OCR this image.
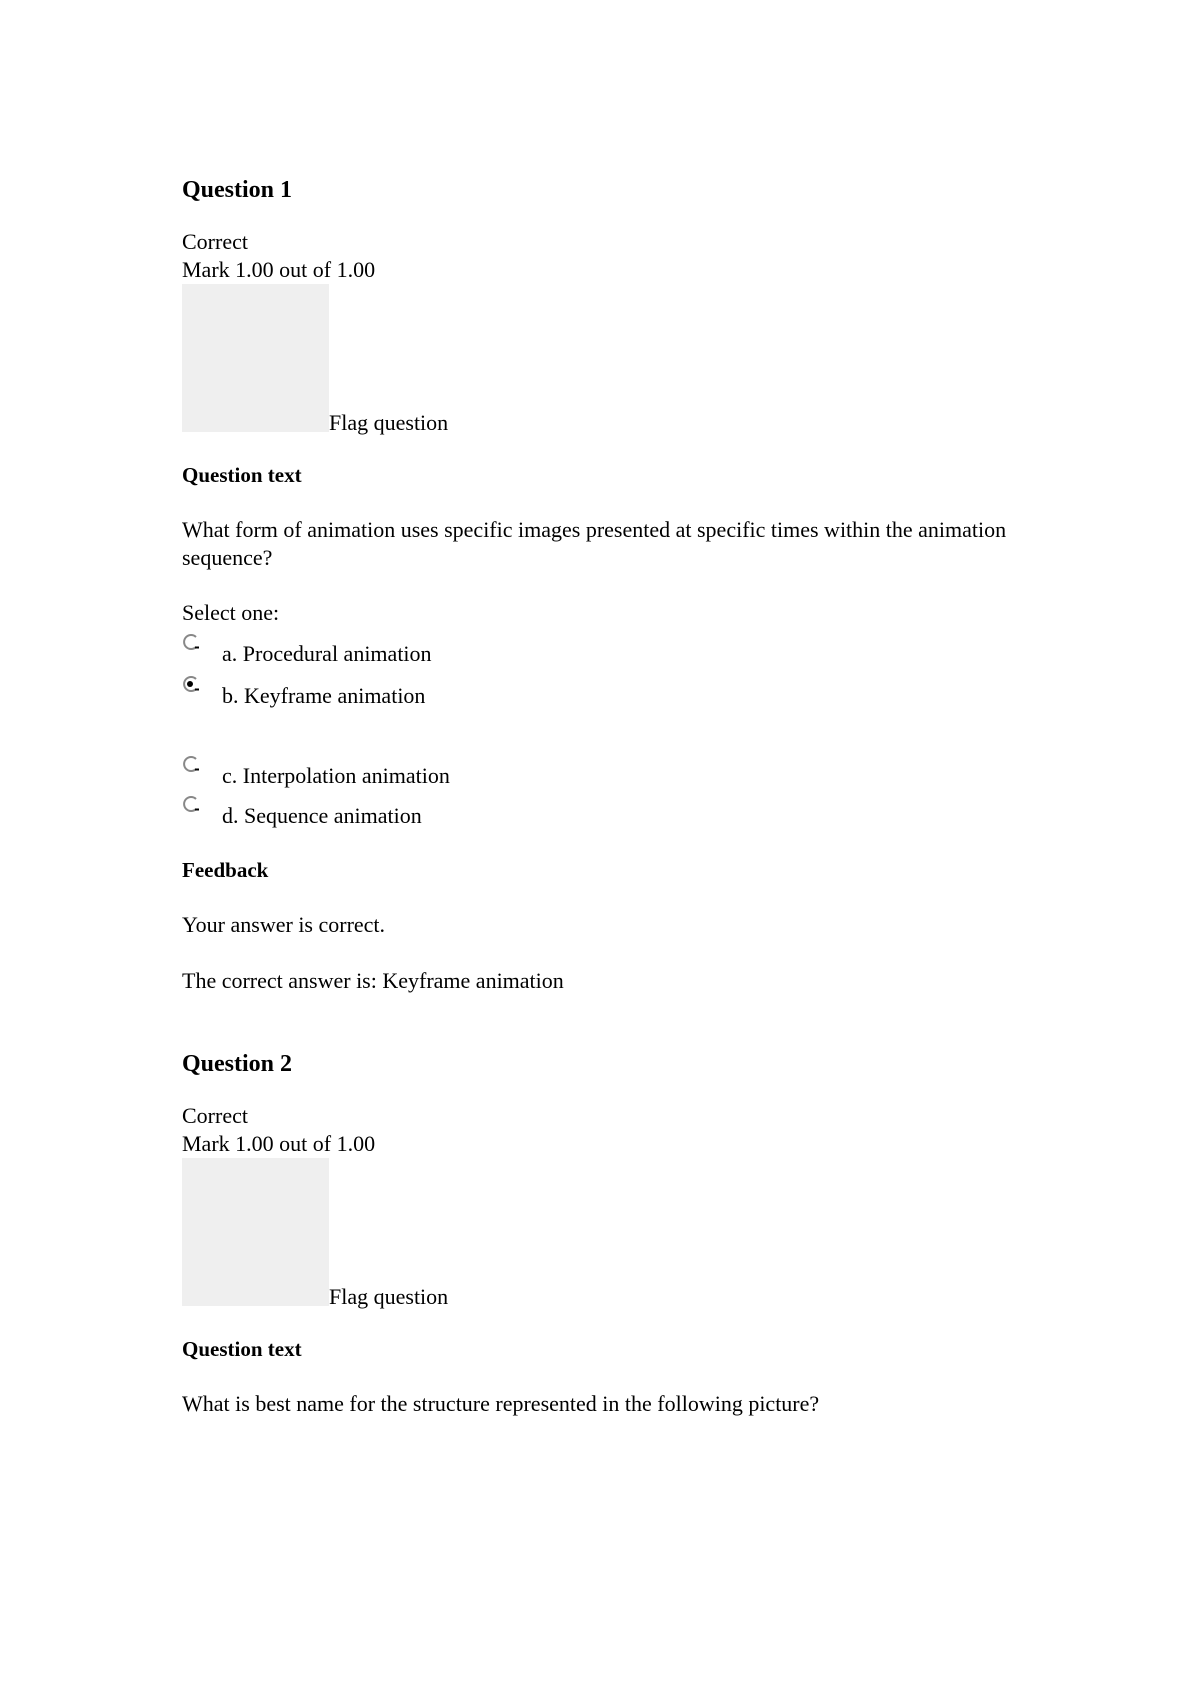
Question 1
Correct
Mark 1.00 out of 1.00
Flag question
Question text
What form of animation uses specific images presented at specific times within the animation sequence?
Select one:
a. Procedural animation
b. Keyframe animation
c. Interpolation animation
d. Sequence animation
Feedback
Your answer is correct.
The correct answer is: Keyframe animation
Question 2
Correct
Mark 1.00 out of 1.00
Flag question
Question text
What is best name for the structure represented in the following picture?
